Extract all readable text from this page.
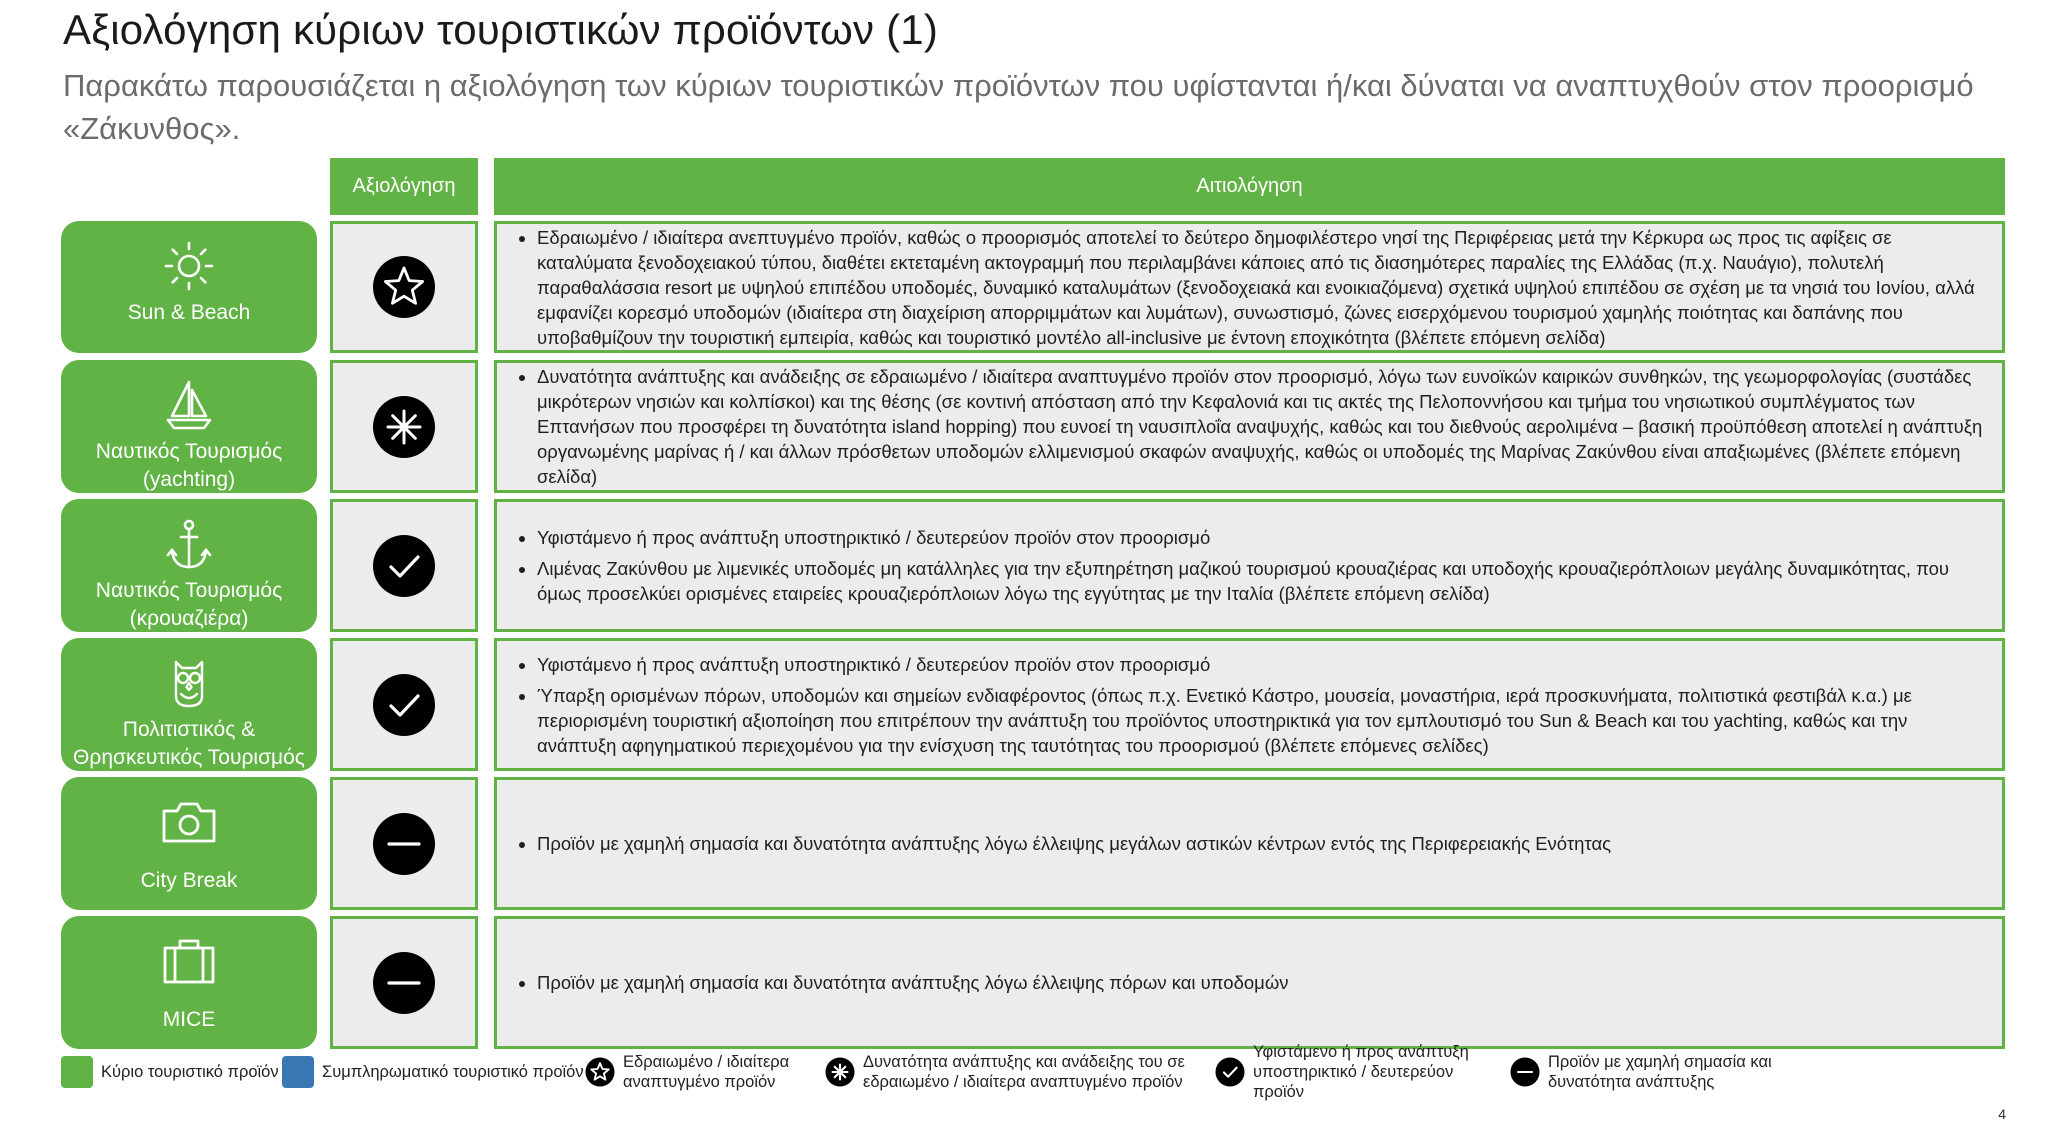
Αξιολόγηση κύριων τουριστικών προϊόντων (1)

Παρακάτω παρουσιάζεται η αξιολόγηση των κύριων τουριστικών προϊόντων που υφίστανται ή/και δύναται να αναπτυχθούν στον προορισμό «Ζάκυνθος».

Αξιολόγηση	Αιτιολόγηση
Sun & Beach
• Εδραιωμένο / ιδιαίτερα ανεπτυγμένο προϊόν, καθώς ο προορισμός αποτελεί το δεύτερο δημοφιλέστερο νησί της Περιφέρειας μετά την Κέρκυρα ως προς τις αφίξεις σε καταλύματα ξενοδοχειακού τύπου, διαθέτει εκτεταμένη ακτογραμμή που περιλαμβάνει κάποιες από τις διασημότερες παραλίες της Ελλάδας (π.χ. Ναυάγιο), πολυτελή παραθαλάσσια resort με υψηλού επιπέδου υποδομές, δυναμικό καταλυμάτων (ξενοδοχειακά και ενοικιαζόμενα) σχετικά υψηλού επιπέδου σε σχέση με τα νησιά του Ιονίου, αλλά εμφανίζει κορεσμό υποδομών (ιδιαίτερα στη διαχείριση απορριμμάτων και λυμάτων), συνωστισμό, ζώνες εισερχόμενου τουρισμού χαμηλής ποιότητας και δαπάνης που υποβαθμίζουν την τουριστική εμπειρία, καθώς και τουριστικό μοντέλο all-inclusive με έντονη εποχικότητα (βλέπετε επόμενη σελίδα)
Ναυτικός Τουρισμός
(yachting)
• Δυνατότητα ανάπτυξης και ανάδειξης σε εδραιωμένο / ιδιαίτερα αναπτυγμένο προϊόν στον προορισμό, λόγω των ευνοϊκών καιρικών συνθηκών, της γεωμορφολογίας (συστάδες μικρότερων νησιών και κολπίσκοι) και της θέσης (σε κοντινή απόσταση από την Κεφαλονιά και τις ακτές της Πελοποννήσου και τμήμα του νησιωτικού συμπλέγματος των Επτανήσων που προσφέρει τη δυνατότητα island hopping) που ευνοεί τη ναυσιπλοΐα αναψυχής, καθώς και του διεθνούς αερολιμένα – βασική προϋπόθεση αποτελεί η ανάπτυξη οργανωμένης μαρίνας ή / και άλλων πρόσθετων υποδομών ελλιμενισμού σκαφών αναψυχής, καθώς οι υποδομές της Μαρίνας Ζακύνθου είναι απαξιωμένες (βλέπετε επόμενη σελίδα)
Ναυτικός Τουρισμός
(κρουαζιέρα)
• Υφιστάμενο ή προς ανάπτυξη υποστηρικτικό / δευτερεύον προϊόν στον προορισμό
• Λιμένας Ζακύνθου με λιμενικές υποδομές μη κατάλληλες για την εξυπηρέτηση μαζικού τουρισμού κρουαζιέρας και υποδοχής κρουαζιερόπλοιων μεγάλης δυναμικότητας, που όμως προσελκύει ορισμένες εταιρείες κρουαζιερόπλοιων λόγω της εγγύτητας με την Ιταλία (βλέπετε επόμενη σελίδα)
Πολιτιστικός &
Θρησκευτικός Τουρισμός
• Υφιστάμενο ή προς ανάπτυξη υποστηρικτικό / δευτερεύον προϊόν στον προορισμό
• Ύπαρξη ορισμένων πόρων, υποδομών και σημείων ενδιαφέροντος (όπως π.χ. Ενετικό Κάστρο, μουσεία, μοναστήρια, ιερά προσκυνήματα, πολιτιστικά φεστιβάλ κ.α.) με περιορισμένη τουριστική αξιοποίηση που επιτρέπουν την ανάπτυξη του προϊόντος υποστηρικτικά για τον εμπλουτισμό του Sun & Beach και του yachting, καθώς και την ανάπτυξη αφηγηματικού περιεχομένου για την ενίσχυση της ταυτότητας του προορισμού (βλέπετε επόμενες σελίδες)
City Break
• Προϊόν με χαμηλή σημασία και δυνατότητα ανάπτυξης λόγω έλλειψης μεγάλων αστικών κέντρων εντός της Περιφερειακής Ενότητας
MICE
• Προϊόν με χαμηλή σημασία και δυνατότητα ανάπτυξης λόγω έλλειψης πόρων και υποδομών
Κύριο τουριστικό προϊόν	Συμπληρωματικό τουριστικό προϊόν
Εδραιωμένο / ιδιαίτερα αναπτυγμένο προϊόν
Δυνατότητα ανάπτυξης και ανάδειξης του σε εδραιωμένο / ιδιαίτερα αναπτυγμένο προϊόν
Υφιστάμενο ή προς ανάπτυξη υποστηρικτικό / δευτερεύον προϊόν
Προϊόν με χαμηλή σημασία και δυνατότητα ανάπτυξης
4
